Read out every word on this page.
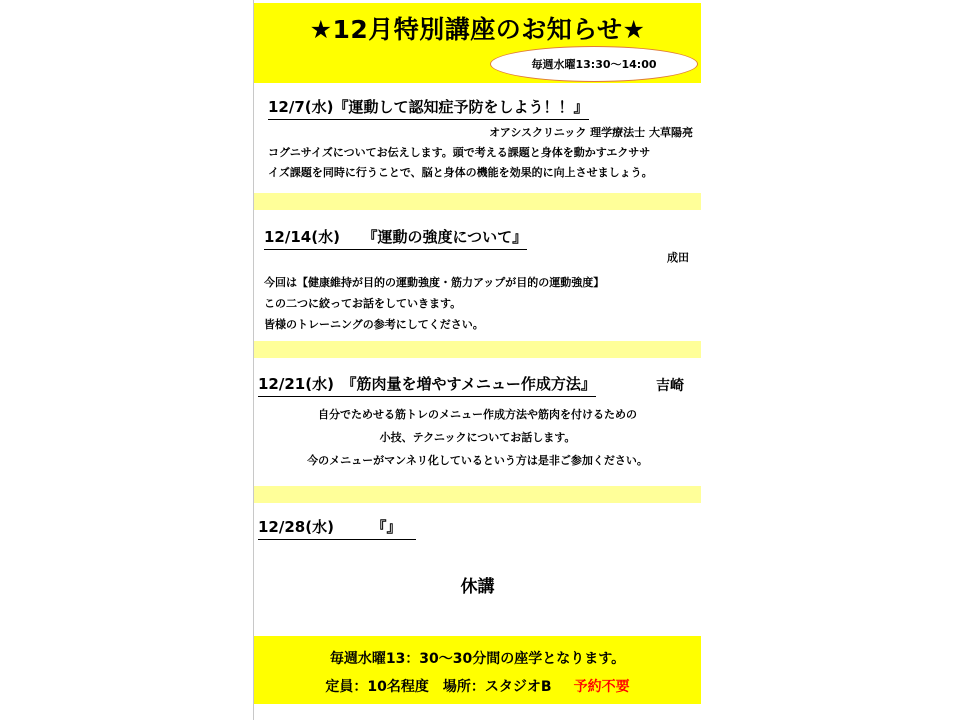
★12月特別講座のお知らせ★
毎週水曜13:30～14:00
12/7(水)『運動して認知症予防をしよう！！』
オアシスクリニック 理学療法士 大草陽亮
コグニサイズについてお伝えします。頭で考える課題と身体を動かすエクササ
イズ課題を同時に行うことで、脳と身体の機能を効果的に向上させましょう。
12/14(水)　　『運動の強度について』
成田
今回は【健康維持が目的の運動強度・筋力アップが目的の運動強度】
この二つに絞ってお話をしていきます。
皆様のトレーニングの参考にしてください。
12/21(水)　『筋肉量を増やすメニュー作成方法』	吉崎
自分でためせる筋トレのメニュー作成方法や筋肉を付けるための
小技、テクニックについてお話します。
今のメニューがマンネリ化しているという方は是非ご参加ください。
12/28(水)　　　『』
休講
毎週水曜13：30～30分間の座学となります。
定員：10名程度　場所：スタジオB 予約不要
